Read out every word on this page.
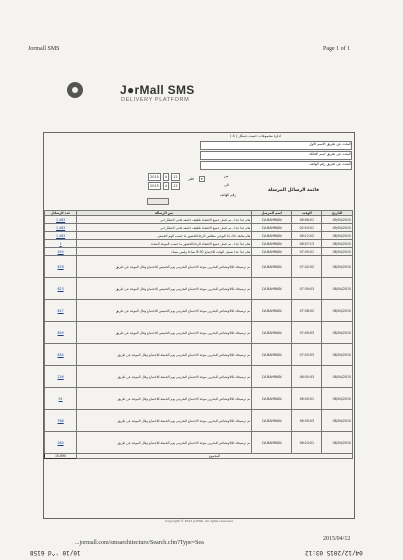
Jormall SMS	Page 1 of 1
J●rMall SMS
DELIVERY PLATFORM
ادارة مجموعات حسب دسكل ( 4 )
البحث عن طريق الاسم الاول
البحث عن طريق اسم العائلة
البحث عن طريق رقم الهاتف
فلتر ▾
من
2015	4	12
الى
2015	4	12
رقم الهاتف
قائمة الرسائل المرسلة
التاريخ	الوقت	اسم المرسل	نص الرسالة	عدد الرسائل
09/04/2015	06:06:01	CA.BAHRAIN	هام جدا جدا ، نم ناسل جميع الاعضاء نلطيف جامعه لجنى لانتظار امر	1,463
09/04/2015	02:54:01	CA.BAHRAIN	هام جدا جدا ، نم ناسل جميع الاعضاء نلطيف جامعه لجنى لانتظار امر	1,463
08/04/2015	06:12:02	CA.BAHRAIN	هام شاهد جاك لنا البوحي مطلس الرجاءالحضور ما حسب الهم الجمعي	1,463
08/04/2015	08:57:13	CA.BAHRAIN	هام جدا جدا ، نم ناسل جميع الاعضاء الرجاءالحضور ما حسب الموعد المحدد	1
08/04/2015	07:45:01	CA.BAHRAIN	هام جدا جدا نشيبل الوقت للاجتماع 8:30 صباحا وليس مساء	450
08/04/2015	07:42:02	CA.BAHRAIN	تم ترسيخك للالاوتصاعي للبحرين موعد الاجتماع البحريني يوم الخميس للاجتماع وقال الموعد عن طريق	876
08/04/2015	07:39:03	CA.BAHRAIN	تم ترسيخك للالاوتصاعي للبحرين موعد الاجتماع البحريني يوم الخميس للاجتماع وقال الموعد عن طريق	823
08/04/2015	07:38:02	CA.BAHRAIN	تم ترسيخك للالاوتصاعي للبحرين موعد الاجتماع البحريني يوم الخميس للاجتماع وقال الموعد عن طريق	817
08/04/2015	07:09:03	CA.BAHRAIN	تم ترسيخك للالاوتصاعي للبحرين موعد الاجتماع البحريني يوم الخميس للاجتماع وقال الموعد عن طريق	859
08/04/2015	07:03:03	CA.BAHRAIN	تم ترسيخك للالاوتصاعي للبحرين موعد الاجتماع البحريني يوم الجمعة للاجتماع وقال الموعد عن طريق	834
08/04/2015	06:50:43	CA.BAHRAIN	تم ترسيخك للالاوتصاعي للبحرين موعد الاجتماع البحريني يوم الجمعة للاجتماع وقال الموعد عن طريق	226
08/04/2015	06:45:01	CA.BAHRAIN	تم ترسيخك للالاوتصاعي للبحرين موعد الاجتماع البحريني يوم الجمعة للاجتماع وقال الموعد عن طريق	91
08/04/2015	06:30:03	CA.BAHRAIN	تم ترسيخك للالاوتصاعي للبحرين موعد الاجتماع البحريني يوم الجمعة للاجتماع وقال الموعد عن طريق	768
08/04/2015	06:24:01	CA.BAHRAIN	تم ترسيخك للالاوتصاعي للبحرين موعد الاجتماع البحريني يوم الجمعة للاجتماع وقال الموعد عن طريق	280
المجموع				10,890
Copyright © 2012 JorMall. All rights reserved.
...jormall.com/smsarchitecturo/Search.cfm?Type=Sea
2015/04/12
10/10 '^d 6158	04/12/2015 03:12
